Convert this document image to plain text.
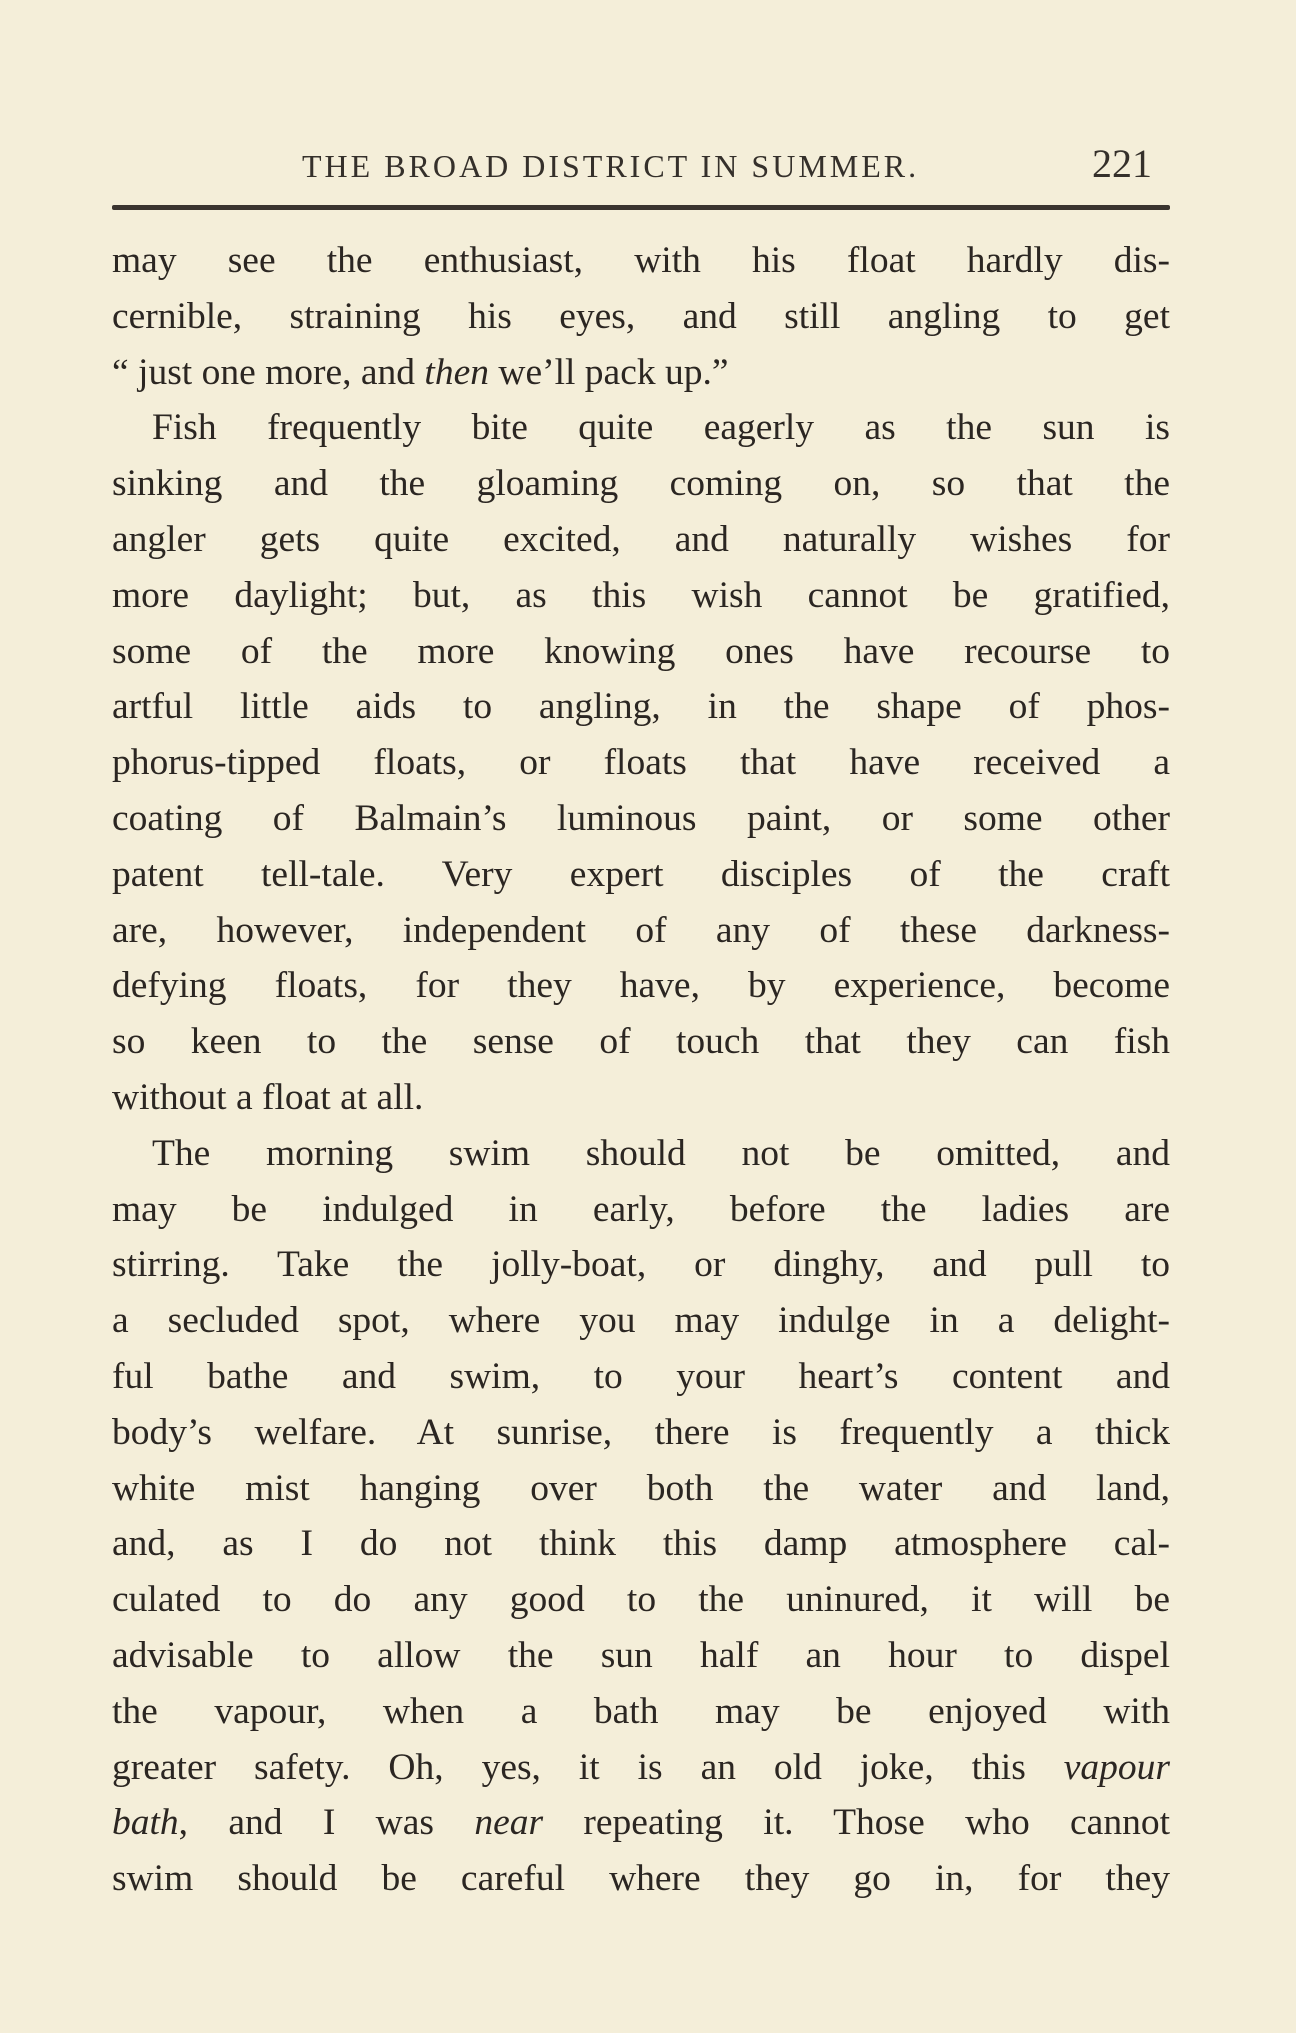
THE BROAD DISTRICT IN SUMMER.	221
may see the enthusiast, with his float hardly dis-
cernible, straining his eyes, and still angling to get
“ just one more, and then we’ll pack up.”
Fish frequently bite quite eagerly as the sun is
sinking and the gloaming coming on, so that the
angler gets quite excited, and naturally wishes for
more daylight; but, as this wish cannot be gratified,
some of the more knowing ones have recourse to
artful little aids to angling, in the shape of phos-
phorus-tipped floats, or floats that have received a
coating of Balmain’s luminous paint, or some other
patent tell-tale. Very expert disciples of the craft
are, however, independent of any of these darkness-
defying floats, for they have, by experience, become
so keen to the sense of touch that they can fish
without a float at all.
The morning swim should not be omitted, and
may be indulged in early, before the ladies are
stirring. Take the jolly-boat, or dinghy, and pull to
a secluded spot, where you may indulge in a delight-
ful bathe and swim, to your heart’s content and
body’s welfare. At sunrise, there is frequently a thick
white mist hanging over both the water and land,
and, as I do not think this damp atmosphere cal-
culated to do any good to the uninured, it will be
advisable to allow the sun half an hour to dispel
the vapour, when a bath may be enjoyed with
greater safety. Oh, yes, it is an old joke, this vapour
bath, and I was near repeating it. Those who cannot
swim should be careful where they go in, for they
